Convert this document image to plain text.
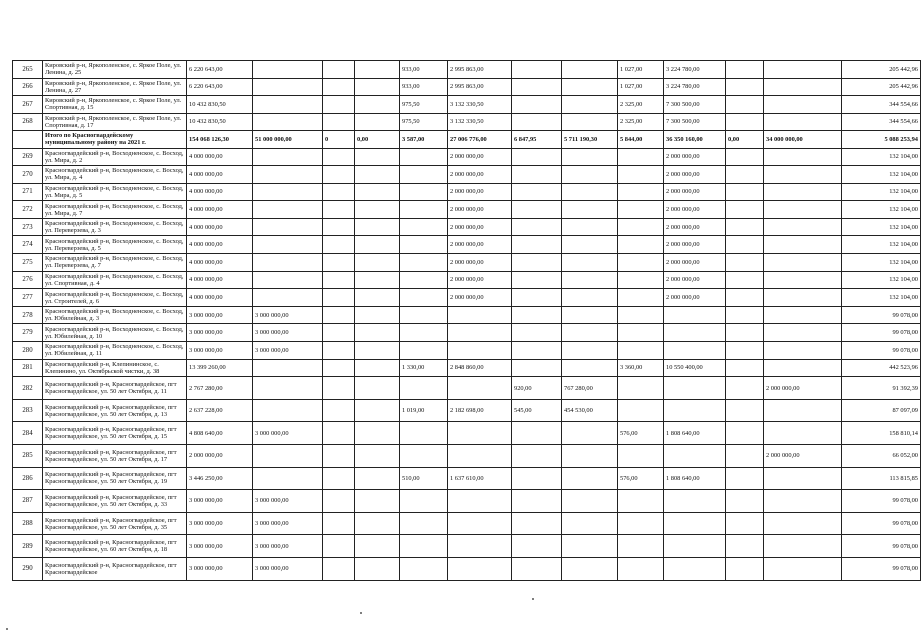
265	Кировский р-н, Яркополенское, с. Яркое Поле, ул. Ленина, д. 25	6 220 643,00				933,00	2 995 863,00			1 027,00	3 224 780,00			205 442,96
266	Кировский р-н, Яркополенское, с. Яркое Поле, ул. Ленина, д. 27	6 220 643,00				933,00	2 995 863,00			1 027,00	3 224 780,00			205 442,96
267	Кировский р-н, Яркополенское, с. Яркое Поле, ул. Спортивная, д. 15	10 432 830,50				975,50	3 132 330,50			2 325,00	7 300 500,00			344 554,66
268	Кировский р-н, Яркополенское, с. Яркое Поле, ул. Спортивная, д. 17	10 432 830,50				975,50	3 132 330,50			2 325,00	7 300 500,00			344 554,66
	Итого по Красногвардейскому муниципальному району на 2021 г.	154 068 126,30	51 000 000,00	0	0,00	3 587,00	27 006 776,00	6 847,95	5 711 190,30	5 844,00	36 350 160,00	0,00	34 000 000,00	5 088 253,94
269	Красногвардейский р-н, Восходненское, с. Восход, ул. Мира, д. 2	4 000 000,00					2 000 000,00				2 000 000,00			132 104,00
270	Красногвардейский р-н, Восходненское, с. Восход, ул. Мира, д. 4	4 000 000,00					2 000 000,00				2 000 000,00			132 104,00
271	Красногвардейский р-н, Восходненское, с. Восход, ул. Мира, д. 5	4 000 000,00					2 000 000,00				2 000 000,00			132 104,00
272	Красногвардейский р-н, Восходненское, с. Восход, ул. Мира, д. 7	4 000 000,00					2 000 000,00				2 000 000,00			132 104,00
273	Красногвардейский р-н, Восходненское, с. Восход, ул. Переверзева, д. 3	4 000 000,00					2 000 000,00				2 000 000,00			132 104,00
274	Красногвардейский р-н, Восходненское, с. Восход, ул. Переверзева, д. 5	4 000 000,00					2 000 000,00				2 000 000,00			132 104,00
275	Красногвардейский р-н, Восходненское, с. Восход, ул. Переверзева, д. 7	4 000 000,00					2 000 000,00				2 000 000,00			132 104,00
276	Красногвардейский р-н, Восходненское, с. Восход, ул. Спортивная, д. 4	4 000 000,00					2 000 000,00				2 000 000,00			132 104,00
277	Красногвардейский р-н, Восходненское, с. Восход, ул. Строителей, д. 6	4 000 000,00					2 000 000,00				2 000 000,00			132 104,00
278	Красногвардейский р-н, Восходненское, с. Восход, ул. Юбилейная, д. 3	3 000 000,00	3 000 000,00											99 078,00
279	Красногвардейский р-н, Восходненское, с. Восход, ул. Юбилейная, д. 10	3 000 000,00	3 000 000,00											99 078,00
280	Красногвардейский р-н, Восходненское, с. Восход, ул. Юбилейная, д. 11	3 000 000,00	3 000 000,00											99 078,00
281	Красногвардейский р-н, Клепининское, с. Клепинино, ул. Октябрьской чистки, д. 38	13 399 260,00				1 330,00	2 848 860,00			3 360,00	10 550 400,00			442 523,96
282	Красногвардейский р-н, Красногвардейское, пгт Красногвардейское, ул. 50 лет Октября, д. 11	2 767 280,00						920,00	767 280,00				2 000 000,00	91 392,39
283	Красногвардейский р-н, Красногвардейское, пгт Красногвардейское, ул. 50 лет Октября, д. 13	2 637 228,00				1 019,00	2 182 698,00	545,00	454 530,00					87 097,09
284	Красногвардейский р-н, Красногвардейское, пгт Красногвардейское, ул. 50 лет Октября, д. 15	4 808 640,00	3 000 000,00							576,00	1 808 640,00			158 810,14
285	Красногвардейский р-н, Красногвардейское, пгт Красногвардейское, ул. 50 лет Октября, д. 17	2 000 000,00											2 000 000,00	66 052,00
286	Красногвардейский р-н, Красногвардейское, пгт Красногвардейское, ул. 50 лет Октября, д. 19	3 446 250,00				510,00	1 637 610,00			576,00	1 808 640,00			113 815,85
287	Красногвардейский р-н, Красногвардейское, пгт Красногвардейское, ул. 50 лет Октября, д. 33	3 000 000,00	3 000 000,00											99 078,00
288	Красногвардейский р-н, Красногвардейское, пгт Красногвардейское, ул. 50 лет Октября, д. 35	3 000 000,00	3 000 000,00											99 078,00
289	Красногвардейский р-н, Красногвардейское, пгт Красногвардейское, ул. 60 лет Октября, д. 18	3 000 000,00	3 000 000,00											99 078,00
290	Красногвардейский р-н, Красногвардейское, пгт Красногвардейское	3 000 000,00	3 000 000,00											99 078,00
